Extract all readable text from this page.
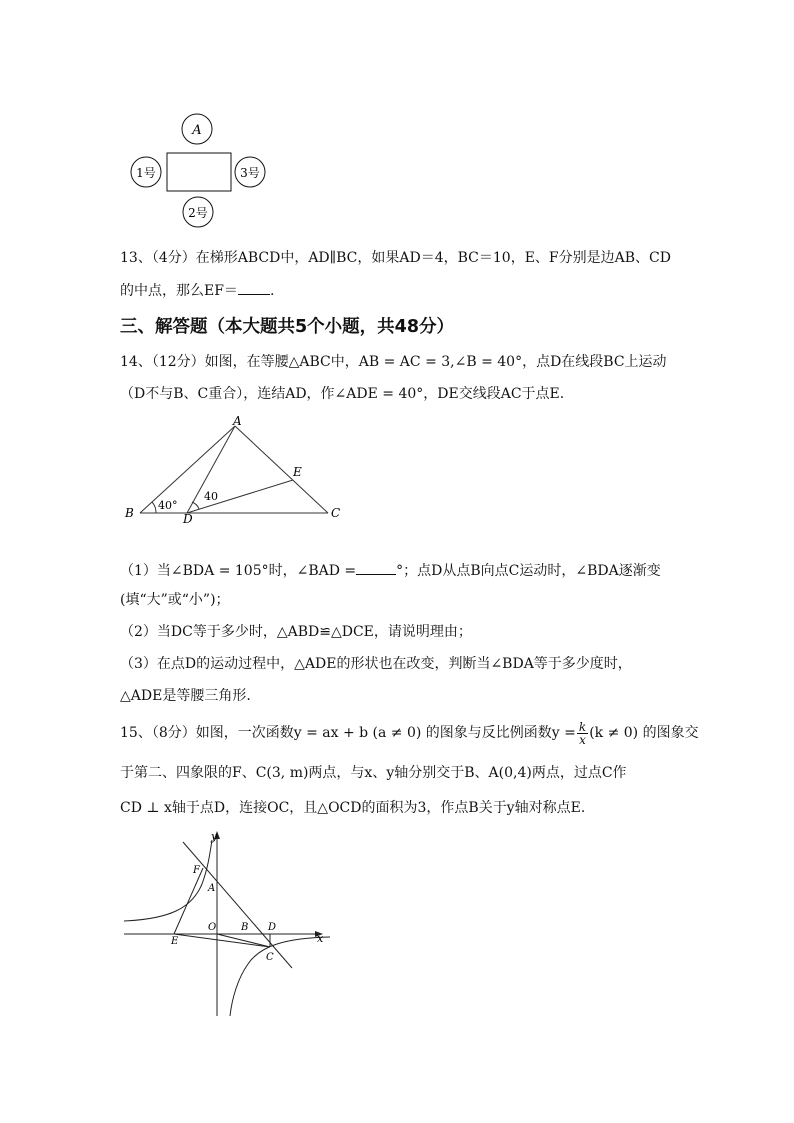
A
1号	3号
2号
13、（4分）在梯形ABCD中，AD∥BC，如果AD＝4，BC＝10，E、F分别是边AB、CD
的中点，那么EF＝ .
三、解答题（本大题共5个小题，共48分）
14、（12分）如图，在等腰△ABC中，AB = AC = 3,∠B = 40°，点D在线段BC上运动
（D不与B、C重合），连结AD，作∠ADE = 40°，DE交线段AC于点E.
A
B	C
D
E
40°
40
（1）当∠BDA = 105°时，∠BAD =	°；点D从点B向点C运动时，∠BDA逐渐变
(填“大”或“小”)；
（2）当DC等于多少时，△ABD≌△DCE，请说明理由；
（3）在点D的运动过程中，△ADE的形状也在改变，判断当∠BDA等于多少度时，
△ADE是等腰三角形.
15、（8分）如图，一次函数y = ax + b (a ≠ 0) 的图象与反比例函数$y = \frac{k}{x} (k \ne 0)$ 的图象交
于第二、四象限的F、C(3, m)两点，与x、y轴分别交于B、A(0,4)两点，过点C作
CD ⊥ x轴于点D，连接OC，且△OCD的面积为3，作点B关于y轴对称点E.
y
x
O
A
B
C
D
E
F
